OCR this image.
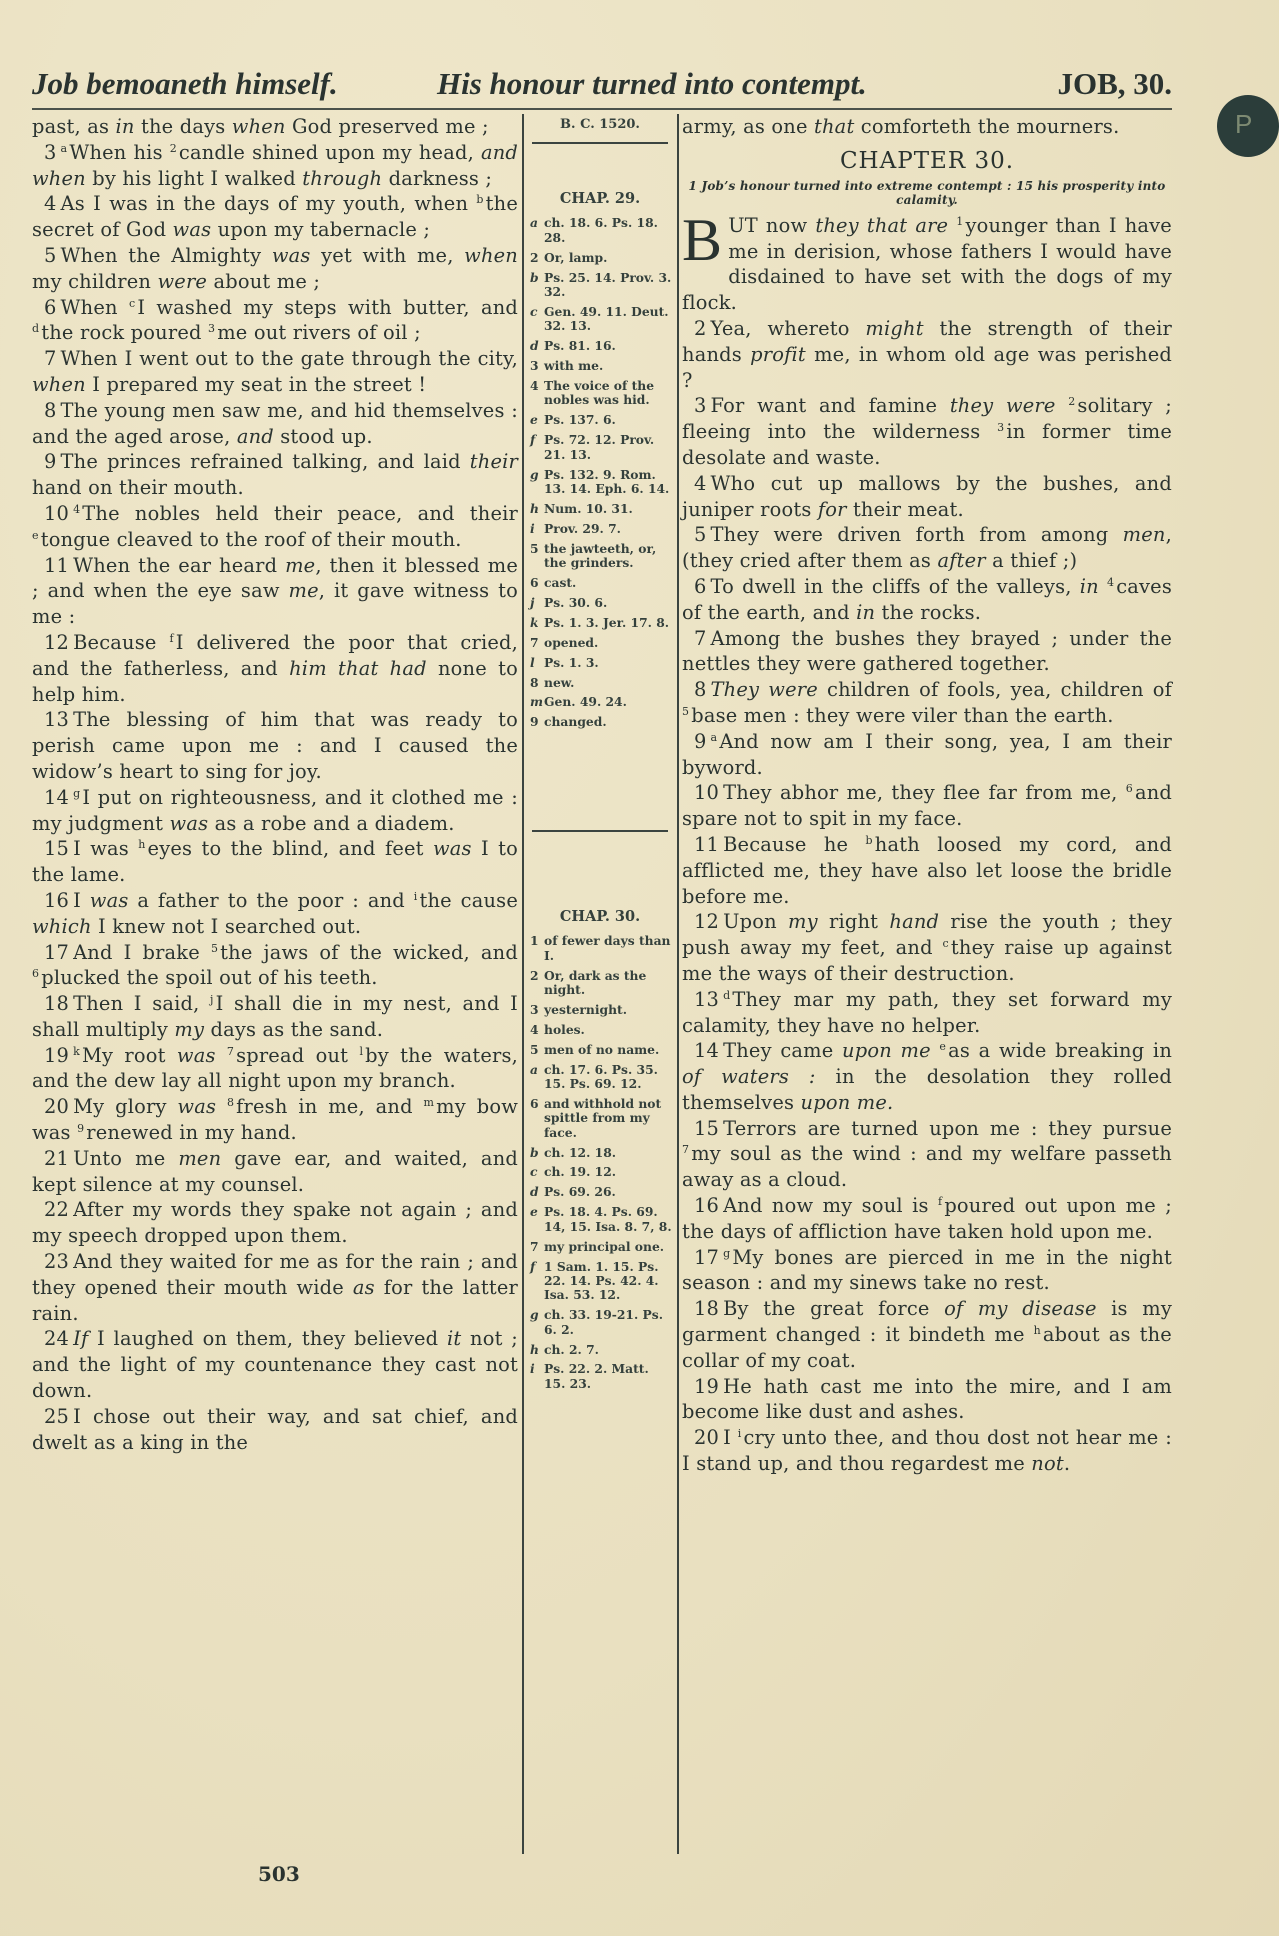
P
Job bemoaneth himself.	His honour turned into contempt.	JOB, 30.

past, as in the days when God preserved me ;

3 $^a$ When his $^2$ candle shined upon my head, and when by his light I walked through darkness ;

4 As I was in the days of my youth, when $^b$ the secret of God was upon my tabernacle ;

5 When the Almighty was yet with me, when my children were about me ;

6 When $^c$ I washed my steps with butter, and $^d$ the rock poured $^3$ me out rivers of oil ;

7 When I went out to the gate through the city, when I prepared my seat in the street !

8 The young men saw me, and hid themselves : and the aged arose, and stood up.

9 The princes refrained talking, and laid their hand on their mouth.

10 $^4$ The nobles held their peace, and their $^e$ tongue cleaved to the roof of their mouth.

11 When the ear heard me, then it blessed me ; and when the eye saw me, it gave witness to me :

12 Because $^f$ I delivered the poor that cried, and the fatherless, and him that had none to help him.

13 The blessing of him that was ready to perish came upon me : and I caused the widow’s heart to sing for joy.

14 $^g$ I put on righteousness, and it clothed me : my judgment was as a robe and a diadem.

15 I was $^h$ eyes to the blind, and feet was I to the lame.

16 I was a father to the poor : and $^i$ the cause which I knew not I searched out.

17 And I brake $^5$ the jaws of the wicked, and $^6$ plucked the spoil out of his teeth.

18 Then I said, $^j$ I shall die in my nest, and I shall multiply my days as the sand.

19 $^k$ My root was $^7$ spread out $^l$ by the waters, and the dew lay all night upon my branch.

20 My glory was $^8$ fresh in me, and $^m$ my bow was $^9$ renewed in my hand.

21 Unto me men gave ear, and waited, and kept silence at my counsel.

22 After my words they spake not again ; and my speech dropped upon them.

23 And they waited for me as for the rain ; and they opened their mouth wide as for the latter rain.

24 If I laughed on them, they believed it not ; and the light of my countenance they cast not down.

25 I chose out their way, and sat chief, and dwelt as a king in the

B. C. 1520.
CHAP. 29.
a ch. 18. 6. Ps. 18. 28.
2 Or, lamp.
b Ps. 25. 14. Prov. 3. 32.
c Gen. 49. 11. Deut. 32. 13.
d Ps. 81. 16.
3 with me.
4 The voice of the nobles was hid.
e Ps. 137. 6.
f Ps. 72. 12. Prov. 21. 13.
g Ps. 132. 9. Rom. 13. 14. Eph. 6. 14.
h Num. 10. 31.
i Prov. 29. 7.
5 the jawteeth, or, the grinders.
6 cast.
j Ps. 30. 6.
k Ps. 1. 3. Jer. 17. 8.
7 opened.
l Ps. 1. 3.
8 new.
mGen. 49. 24.
9 changed.
CHAP. 30.
1 of fewer days than I.
2 Or, dark as the night.
3 yesternight.
4 holes.
5 men of no name.
a ch. 17. 6. Ps. 35. 15. Ps. 69. 12.
6 and withhold not spittle from my face.
b ch. 12. 18.
c ch. 19. 12.
d Ps. 69. 26.
e Ps. 18. 4. Ps. 69. 14, 15. Isa. 8. 7, 8.
7 my principal one.
f 1 Sam. 1. 15. Ps. 22. 14. Ps. 42. 4. Isa. 53. 12.
g ch. 33. 19-21. Ps. 6. 2.
h ch. 2. 7.
i Ps. 22. 2. Matt. 15. 23.

army, as one that comforteth the mourners.

CHAPTER 30.
1 Job’s honour turned into extreme contempt : 15 his prosperity into calamity.

BUT now they that are $^1$ younger than I have me in derision, whose fathers I would have disdained to have set with the dogs of my flock.

2 Yea, whereto might the strength of their hands profit me, in whom old age was perished ?

3 For want and famine they were $^2$ solitary ; fleeing into the wilderness $^3$ in former time desolate and waste.

4 Who cut up mallows by the bushes, and juniper roots for their meat.

5 They were driven forth from among men, (they cried after them as after a thief ;)

6 To dwell in the cliffs of the valleys, in $^4$ caves of the earth, and in the rocks.

7 Among the bushes they brayed ; under the nettles they were gathered together.

8 They were children of fools, yea, children of $^5$ base men : they were viler than the earth.

9 $^a$ And now am I their song, yea, I am their byword.

10 They abhor me, they flee far from me, $^6$ and spare not to spit in my face.

11 Because he $^b$ hath loosed my cord, and afflicted me, they have also let loose the bridle before me.

12 Upon my right hand rise the youth ; they push away my feet, and $^c$ they raise up against me the ways of their destruction.

13 $^d$ They mar my path, they set forward my calamity, they have no helper.

14 They came upon me $^e$ as a wide breaking in of waters : in the desolation they rolled themselves upon me.

15 Terrors are turned upon me : they pursue $^7$ my soul as the wind : and my welfare passeth away as a cloud.

16 And now my soul is $^f$ poured out upon me ; the days of affliction have taken hold upon me.

17 $^g$ My bones are pierced in me in the night season : and my sinews take no rest.

18 By the great force of my disease is my garment changed : it bindeth me $^h$ about as the collar of my coat.

19 He hath cast me into the mire, and I am become like dust and ashes.

20 I $^i$ cry unto thee, and thou dost not hear me : I stand up, and thou regardest me not.

503
